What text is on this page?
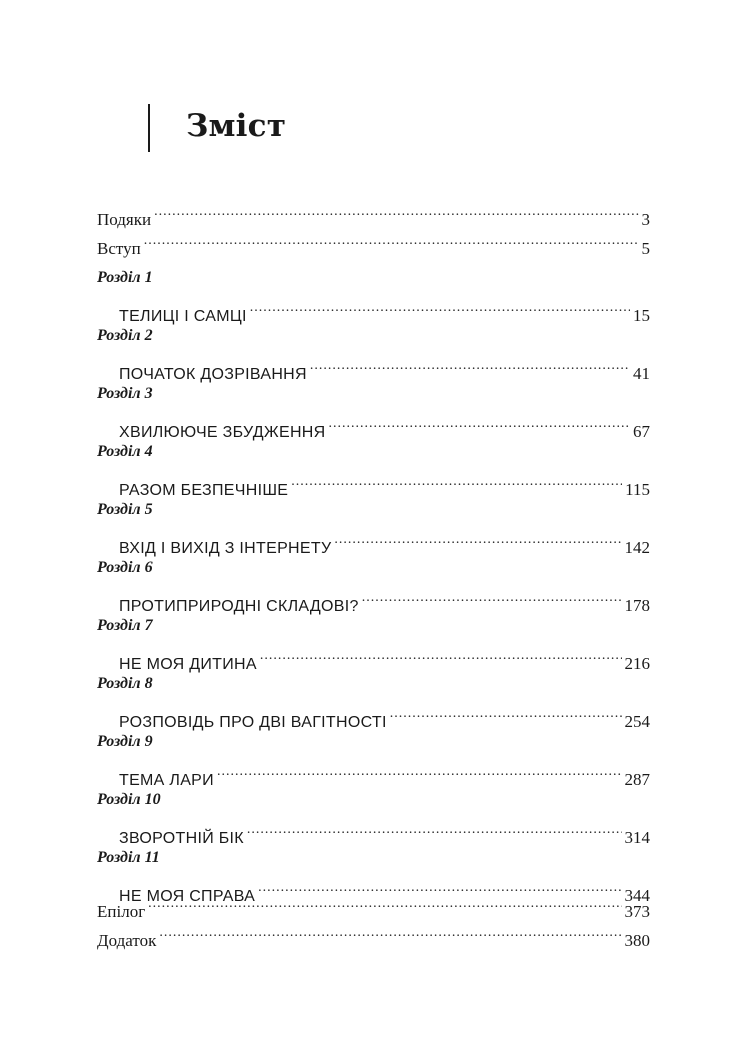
Зміст
Подяки .....	3
Вступ .....	5
Розділ 1
ТЕЛИЦІ І САМЦІ .....	15
Розділ 2
ПОЧАТОК ДОЗРІВАННЯ .....	41
Розділ 3
ХВИЛЮЮЧЕ ЗБУДЖЕННЯ .....	67
Розділ 4
РАЗОМ БЕЗПЕЧНІШЕ .....	115
Розділ 5
ВХІД І ВИХІД З ІНТЕРНЕТУ .....	142
Розділ 6
ПРОТИПРИРОДНІ СКЛАДОВІ? .....	178
Розділ 7
НЕ МОЯ ДИТИНА .....	216
Розділ 8
РОЗПОВІДЬ ПРО ДВІ ВАГІТНОСТІ .....	254
Розділ 9
ТЕМА ЛАРИ .....	287
Розділ 10
ЗВОРОТНІЙ БІК .....	314
Розділ 11
НЕ МОЯ СПРАВА .....	344
Епілог .....	373
Додаток .....	380
